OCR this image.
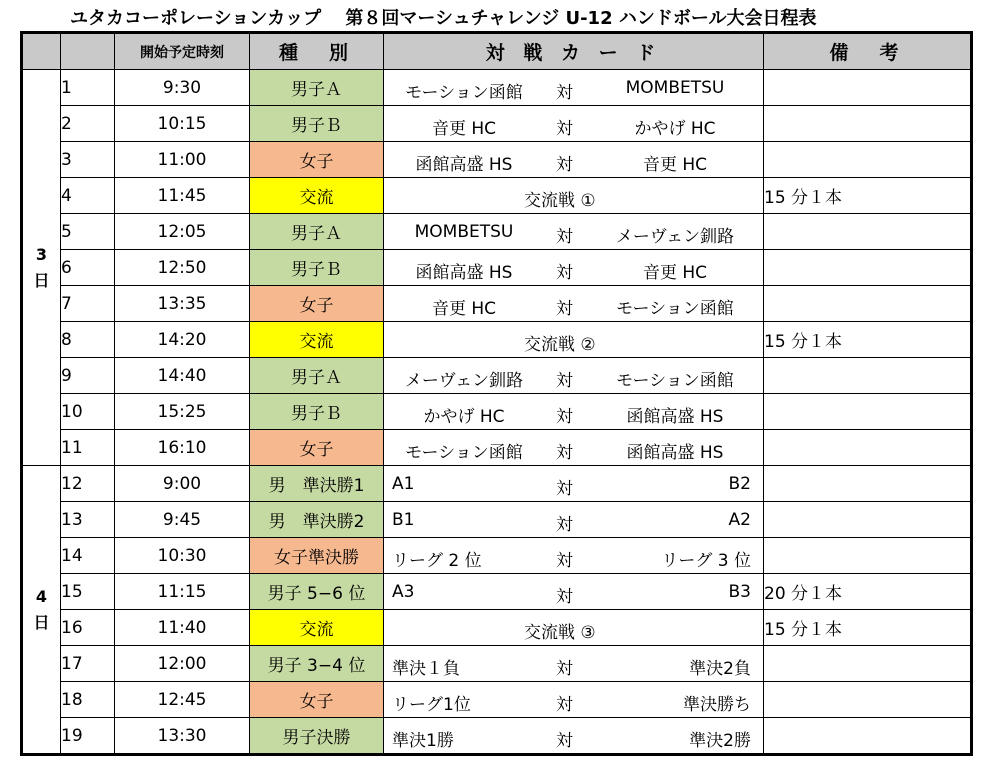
ユタカコーポレーションカップ　 第８回マーシュチャレンジ U-12 ハンドボール大会日程表
		開始予定時刻	種　別	対 戦 カ ー ド	備　考
3
日	1	9:30	男子Ａ	モーション函館 対 MOMBETSU	

	2	10:15	男子Ｂ	音更 HC 対 かやげ HC	

	3	11:00	女子	函館高盛 HS 対 音更 HC	

	4	11:45	交流	交流戦 ①	15 分１本
	5	12:05	男子Ａ	MOMBETSU 対 メーヴェン釧路	

	6	12:50	男子Ｂ	函館高盛 HS 対 音更 HC	

	7	13:35	女子	音更 HC 対 モーション函館	

	8	14:20	交流	交流戦 ②	15 分１本
	9	14:40	男子Ａ	メーヴェン釧路 対 モーション函館	

	10	15:25	男子Ｂ	かやげ HC 対 函館高盛 HS	

	11	16:10	女子	モーション函館 対 函館高盛 HS	

4
日	12	9:00	男　準決勝1	A1 対 B2	

	13	9:45	男　準決勝2	B1 対 A2	

	14	10:30	女子準決勝	リーグ 2 位 対 リーグ 3 位	

	15	11:15	男子 5−6 位	A3 対 B3	20 分１本
	16	11:40	交流	交流戦 ③	15 分１本
	17	12:00	男子 3−4 位	準決１負 対 準決2負	

	18	12:45	女子	リーグ1位 対 準決勝ち	

	19	13:30	男子決勝	準決1勝 対 準決2勝	
